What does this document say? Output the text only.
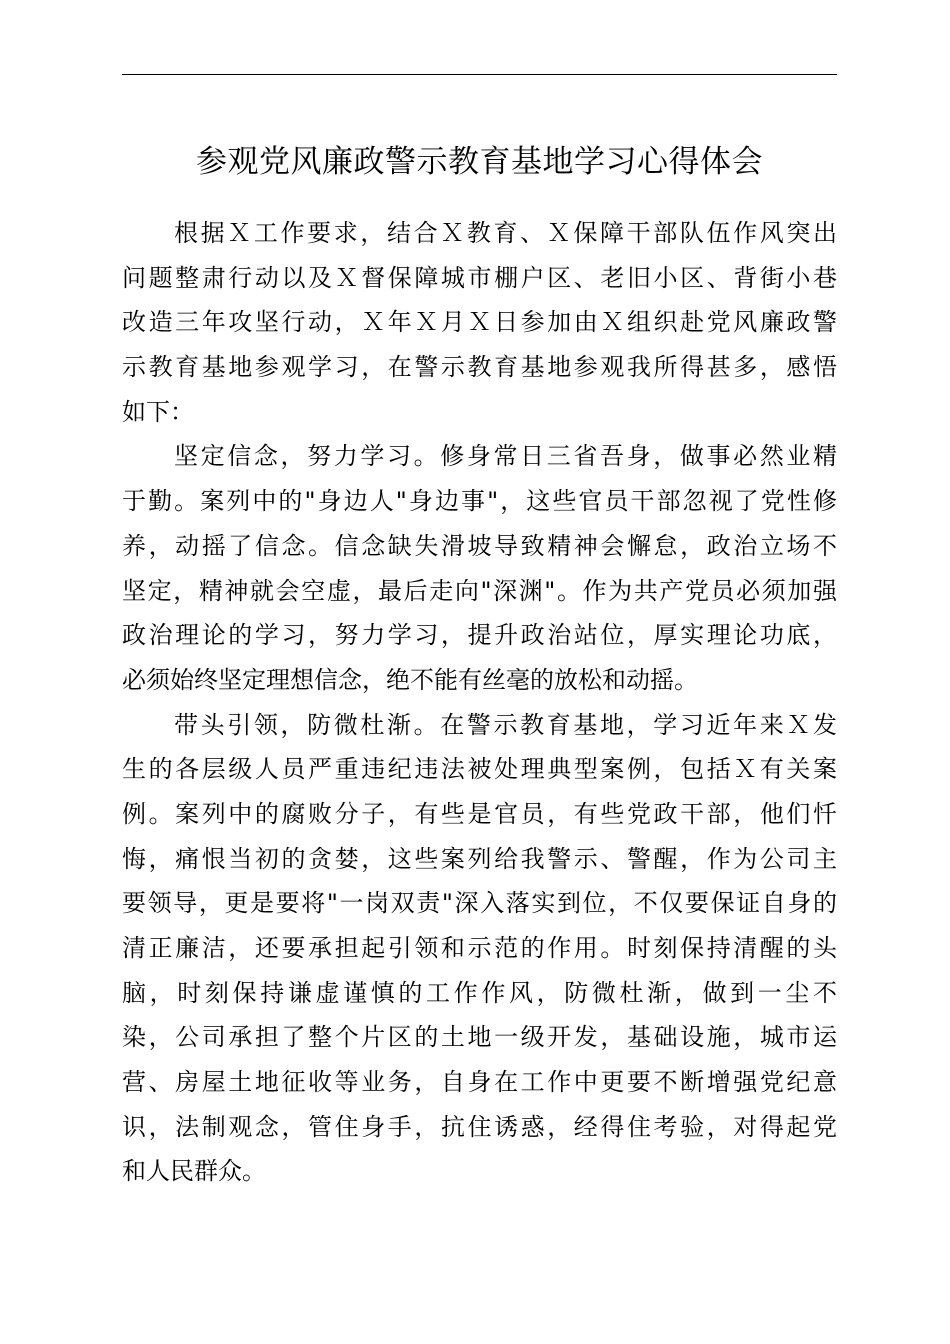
参观党风廉政警示教育基地学习心得体会

根据Ｘ工作要求，结合Ｘ教育、Ｘ保障干部队伍作风突出
问题整肃行动以及Ｘ督保障城市棚户区、老旧小区、背街小巷
改造三年攻坚行动，Ｘ年Ｘ月Ｘ日参加由Ｘ组织赴党风廉政警
示教育基地参观学习，在警示教育基地参观我所得甚多，感悟
如下：

坚定信念，努力学习。修身常日三省吾身，做事必然业精
于勤。案列中的"身边人"身边事"，这些官员干部忽视了党性修
养，动摇了信念。信念缺失滑坡导致精神会懈怠，政治立场不
坚定，精神就会空虚，最后走向"深渊"。作为共产党员必须加强
政治理论的学习，努力学习，提升政治站位，厚实理论功底，
必须始终坚定理想信念，绝不能有丝毫的放松和动摇。

带头引领，防微杜渐。在警示教育基地，学习近年来Ｘ发
生的各层级人员严重违纪违法被处理典型案例，包括Ｘ有关案
例。案列中的腐败分子，有些是官员，有些党政干部，他们忏
悔，痛恨当初的贪婪，这些案列给我警示、警醒，作为公司主
要领导，更是要将"一岗双责"深入落实到位，不仅要保证自身的
清正廉洁，还要承担起引领和示范的作用。时刻保持清醒的头
脑，时刻保持谦虚谨慎的工作作风，防微杜渐，做到一尘不
染，公司承担了整个片区的土地一级开发，基础设施，城市运
营、房屋土地征收等业务，自身在工作中更要不断增强党纪意
识，法制观念，管住身手，抗住诱惑，经得住考验，对得起党
和人民群众。
